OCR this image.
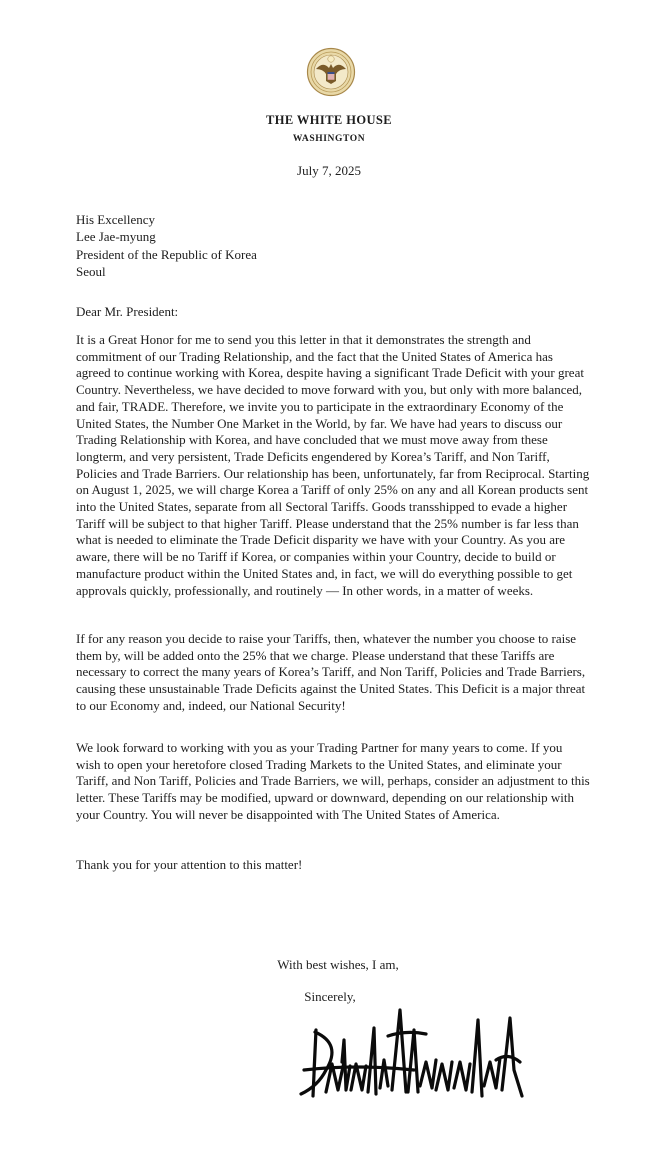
THE WHITE HOUSE
WASHINGTON
July 7, 2025
His Excellency
Lee Jae-myung
President of the Republic of Korea
Seoul
Dear Mr. President:
It is a Great Honor for me to send you this letter in that it demonstrates the strength and commitment of our Trading Relationship, and the fact that the United States of America has agreed to continue working with Korea, despite having a significant Trade Deficit with your great Country. Nevertheless, we have decided to move forward with you, but only with more balanced, and fair, TRADE. Therefore, we invite you to participate in the extraordinary Economy of the United States, the Number One Market in the World, by far. We have had years to discuss our Trading Relationship with Korea, and have concluded that we must move away from these longterm, and very persistent, Trade Deficits engendered by Korea’s Tariff, and Non Tariff, Policies and Trade Barriers. Our relationship has been, unfortunately, far from Reciprocal. Starting on August 1, 2025, we will charge Korea a Tariff of only 25% on any and all Korean products sent into the United States, separate from all Sectoral Tariffs. Goods transshipped to evade a higher Tariff will be subject to that higher Tariff. Please understand that the 25% number is far less than what is needed to eliminate the Trade Deficit disparity we have with your Country. As you are aware, there will be no Tariff if Korea, or companies within your Country, decide to build or manufacture product within the United States and, in fact, we will do everything possible to get approvals quickly, professionally, and routinely — In other words, in a matter of weeks.
If for any reason you decide to raise your Tariffs, then, whatever the number you choose to raise them by, will be added onto the 25% that we charge. Please understand that these Tariffs are necessary to correct the many years of Korea’s Tariff, and Non Tariff, Policies and Trade Barriers, causing these unsustainable Trade Deficits against the United States. This Deficit is a major threat to our Economy and, indeed, our National Security!
We look forward to working with you as your Trading Partner for many years to come. If you wish to open your heretofore closed Trading Markets to the United States, and eliminate your Tariff, and Non Tariff, Policies and Trade Barriers, we will, perhaps, consider an adjustment to this letter. These Tariffs may be modified, upward or downward, depending on our relationship with your Country. You will never be disappointed with The United States of America.
Thank you for your attention to this matter!
With best wishes, I am,
Sincerely,
